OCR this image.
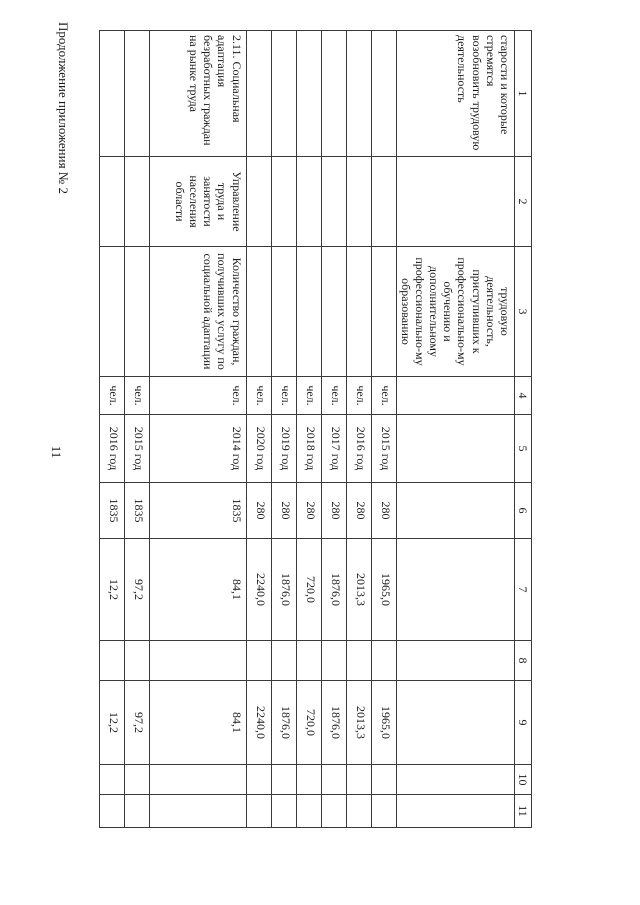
11
Продолжение приложения № 2	1	2	3	4	5	6	7	8	9	10	11
старости и которые стремятся возобновить трудовую деятельность		трудовую деятельность, приступивших к профессионально-му обучению и дополнительному профессионально-му образованию								
			чел.	2015 год	280	1965,0		1965,0		
			чел.	2016 год	280	2013,3		2013,3		
			чел.	2017 год	280	1876,0		1876,0		
			чел.	2018 год	280	720,0		720,0		
			чел.	2019 год	280	1876,0		1876,0		
			чел.	2020 год	280	2240,0		2240,0		
2.11. Социальная адаптация безработных граждан на рынке труда	Управление труда и занятости населения области	Количество граждан, получивших услугу по социальной адаптации	чел.	2014 год	1835	84,1		84,1		
			чел.	2015 год	1835	97,2		97,2		
			чел.	2016 год	1835	12,2		12,2		
